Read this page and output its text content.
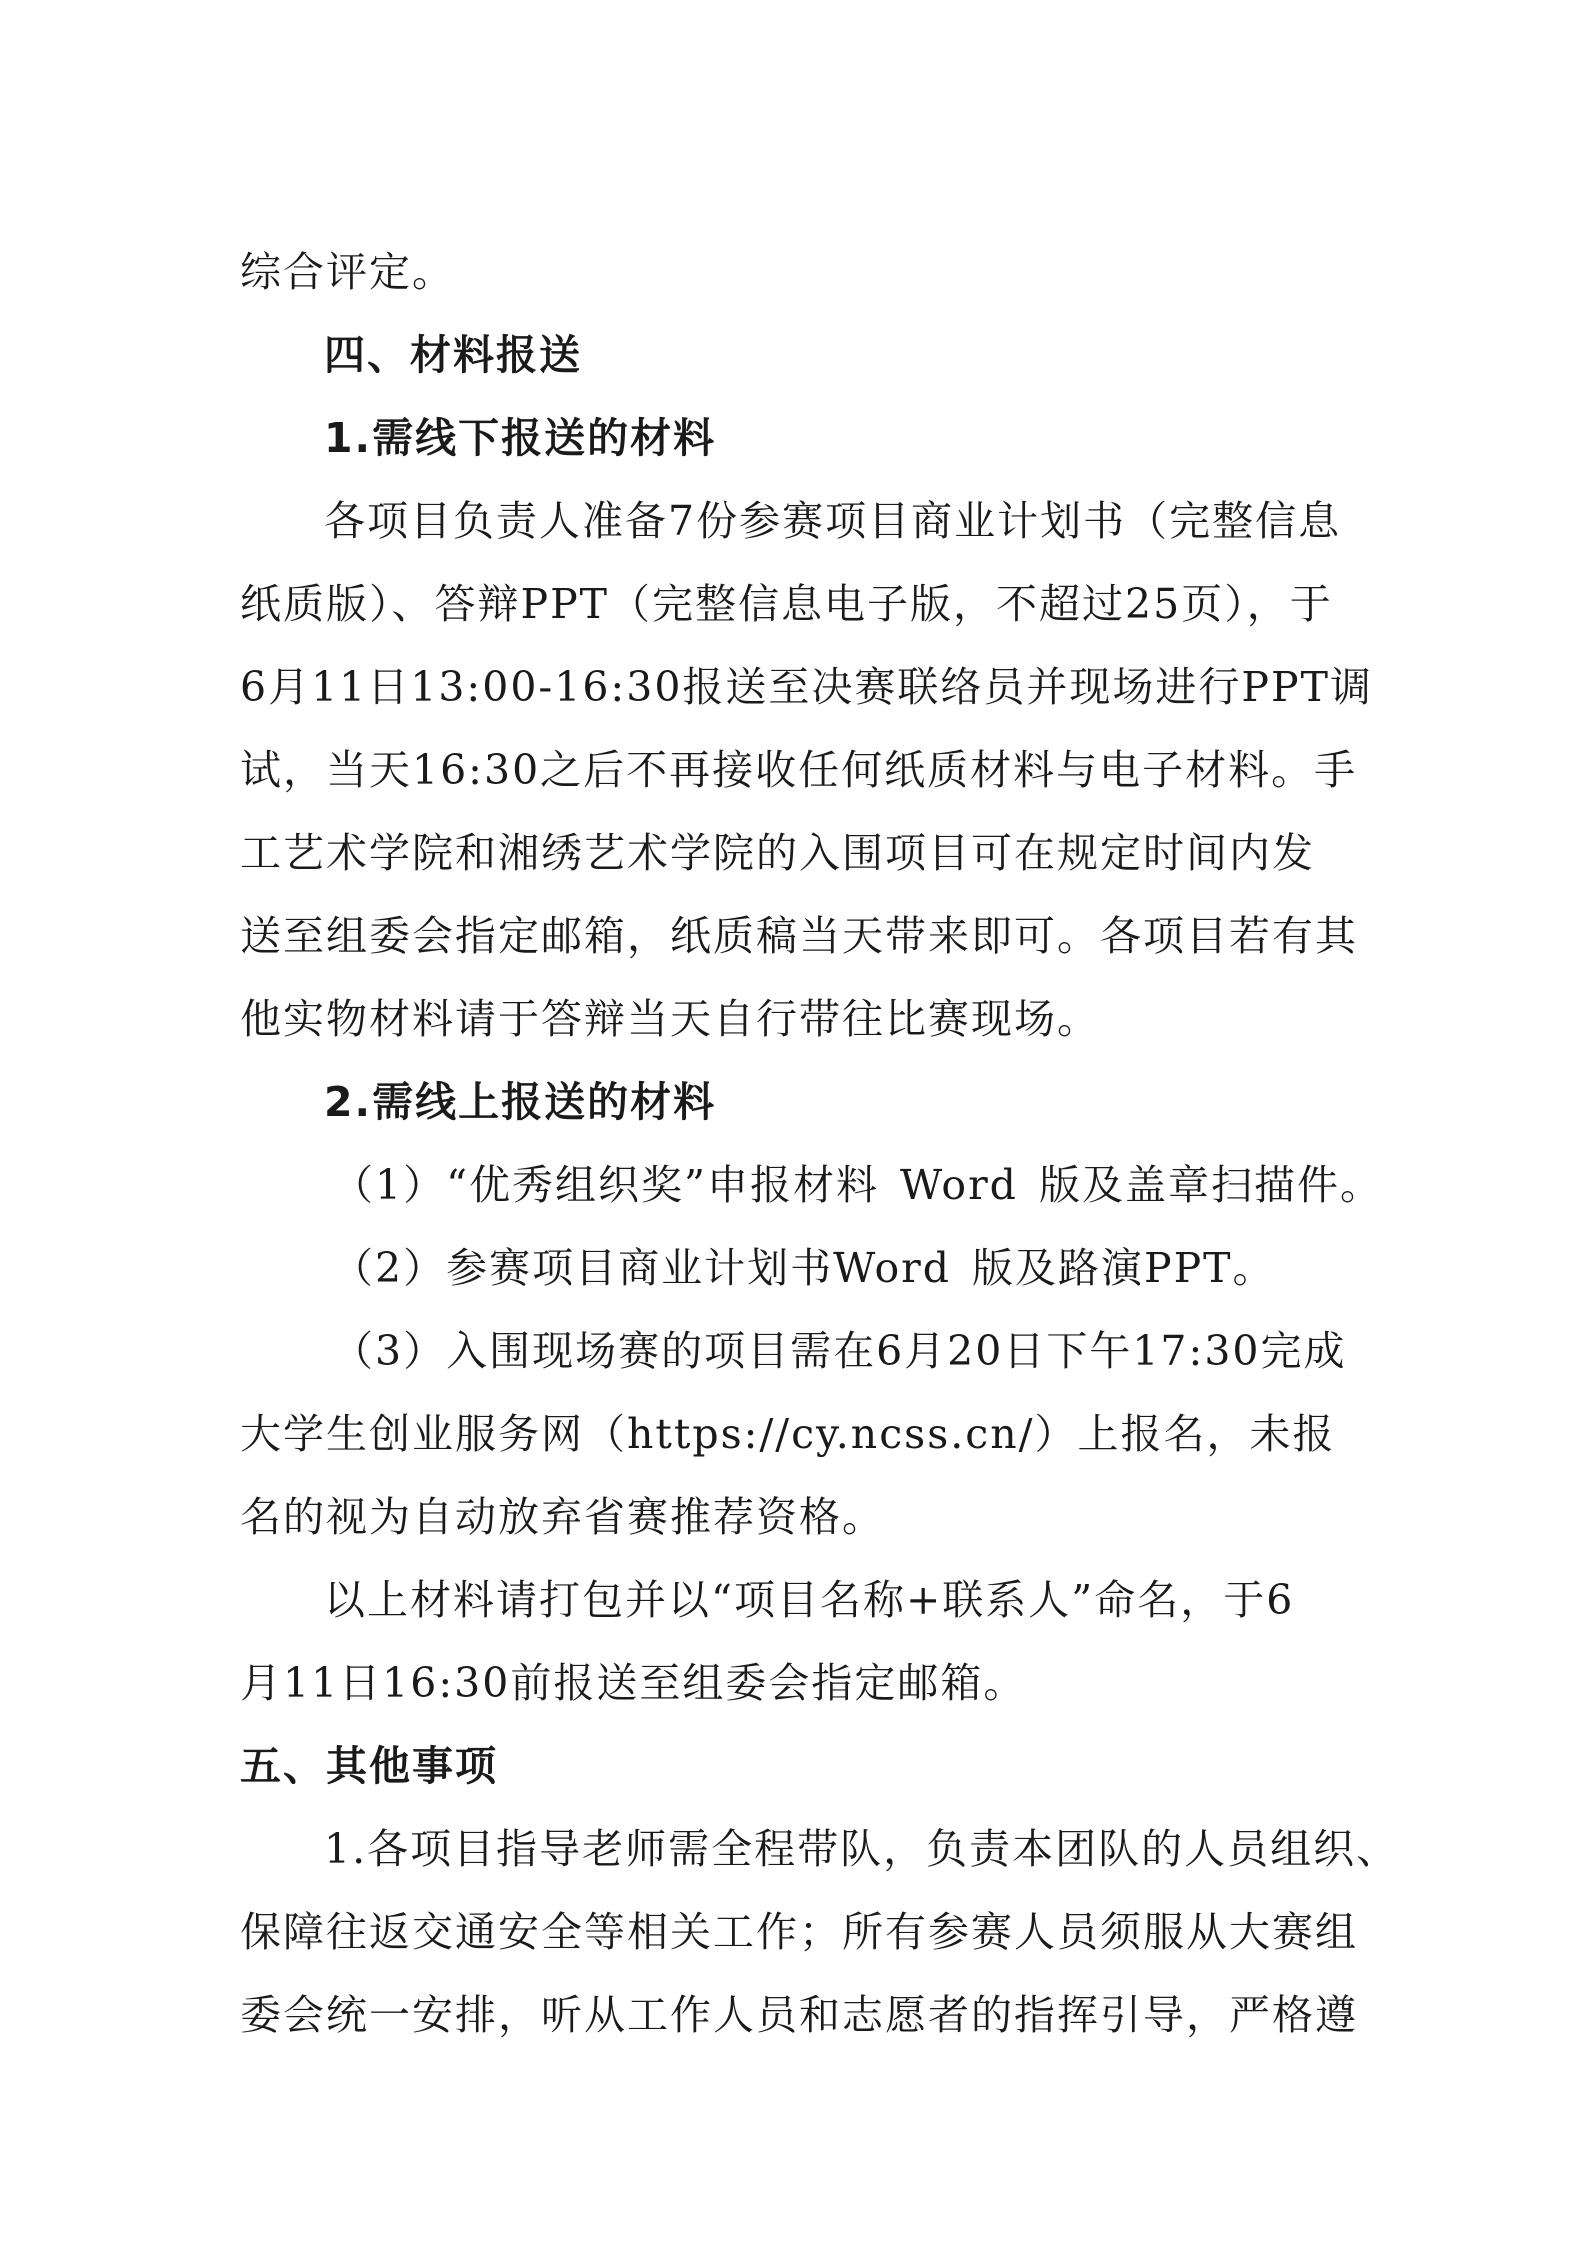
综合评定。
四、材料报送
1.需线下报送的材料
各项目负责人准备7份参赛项目商业计划书（完整信息
纸质版）、答辩PPT（完整信息电子版，不超过25页），于
6月11日13:00-16:30报送至决赛联络员并现场进行PPT调
试，当天16:30之后不再接收任何纸质材料与电子材料。手
工艺术学院和湘绣艺术学院的入围项目可在规定时间内发
送至组委会指定邮箱，纸质稿当天带来即可。各项目若有其
他实物材料请于答辩当天自行带往比赛现场。
2.需线上报送的材料
（1）“优秀组织奖”申报材料 Word 版及盖章扫描件。
（2）参赛项目商业计划书Word 版及路演PPT。
（3）入围现场赛的项目需在6月20日下午17:30完成
大学生创业服务网（https://cy.ncss.cn/）上报名，未报
名的视为自动放弃省赛推荐资格。
以上材料请打包并以“项目名称+联系人”命名，于6
月11日16:30前报送至组委会指定邮箱。
五、其他事项
1.各项目指导老师需全程带队，负责本团队的人员组织、
保障往返交通安全等相关工作；所有参赛人员须服从大赛组
委会统一安排，听从工作人员和志愿者的指挥引导，严格遵
